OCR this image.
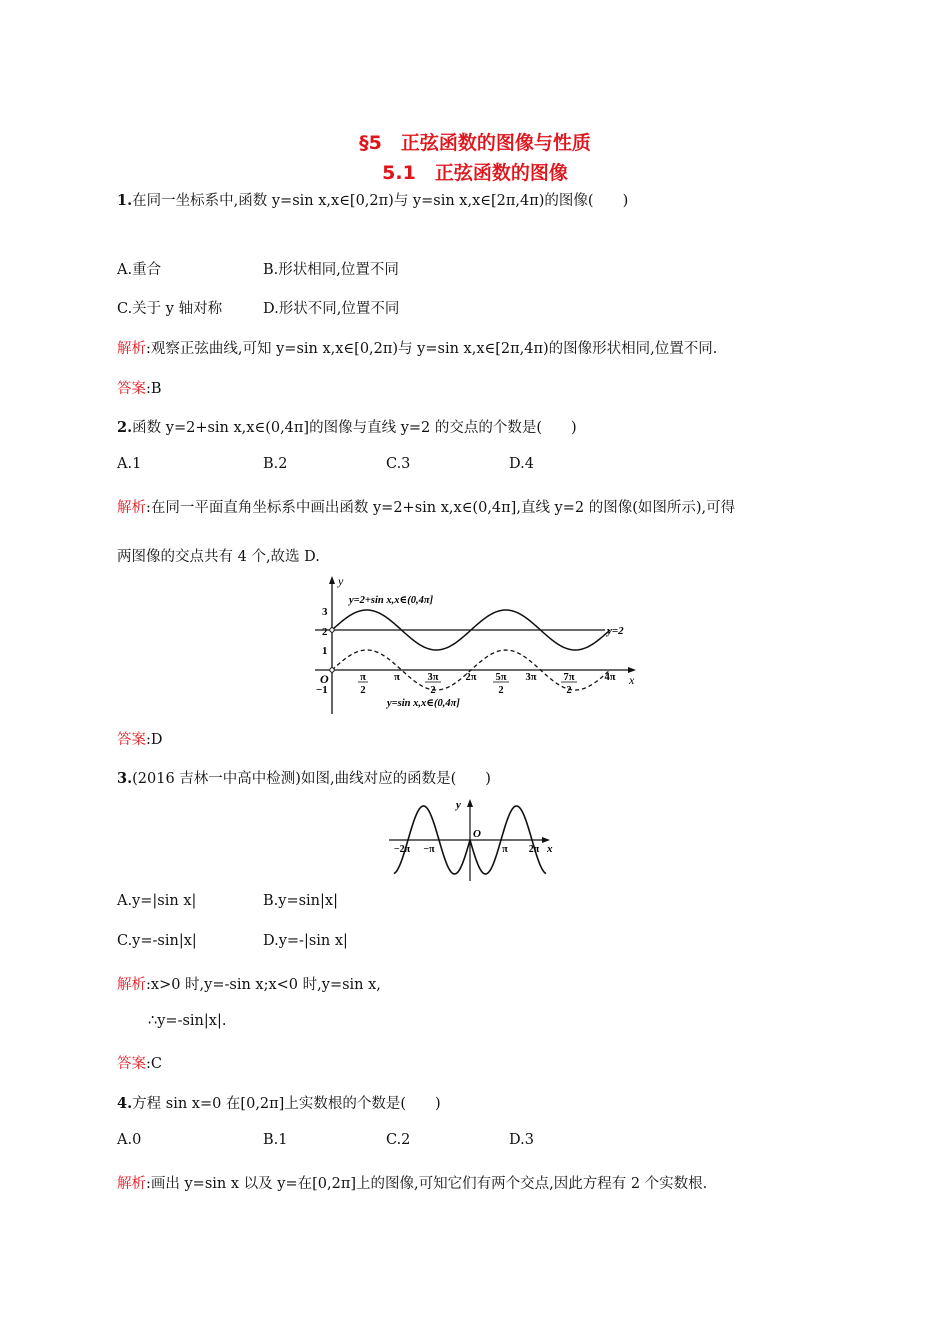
§5　正弦函数的图像与性质
5.1　正弦函数的图像
1.在同一坐标系中,函数 y=sin x,x∈[0,2π)与 y=sin x,x∈[2π,4π)的图像(　　)
A.重合	B.形状相同,位置不同
C.关于 y 轴对称	D.形状不同,位置不同
解析:观察正弦曲线,可知 y=sin x,x∈[0,2π)与 y=sin x,x∈[2π,4π)的图像形状相同,位置不同.
答案:B
2.函数 y=2+sin x,x∈(0,4π]的图像与直线 y=2 的交点的个数是(　　)
A.1	B.2	C.3	D.4
解析:在同一平面直角坐标系中画出函数 y=2+sin x,x∈(0,4π],直线 y=2 的图像(如图所示),可得
两图像的交点共有 4 个,故选 D.
y
x
O
3
2
1
−1
y=2
y=2+sin x,x∈(0,4π]
y=sin x,x∈(0,4π]
π
2
π	3π
2
2π 5π
2
3π	7π
2
4π
答案:D
3.(2016 吉林一中高中检测)如图,曲线对应的函数是(　　)
y
x
O
−2π −π	π 2π
A.y=|sin x|	B.y=sin|x|
C.y=-sin|x|	D.y=-|sin x|
解析:x>0 时,y=-sin x;x<0 时,y=sin x,
∴y=-sin|x|.
答案:C
4.方程 sin x=0 在[0,2π]上实数根的个数是(　　)
A.0	B.1	C.2	D.3
解析:画出 y=sin x 以及 y=在[0,2π]上的图像,可知它们有两个交点,因此方程有 2 个实数根.
